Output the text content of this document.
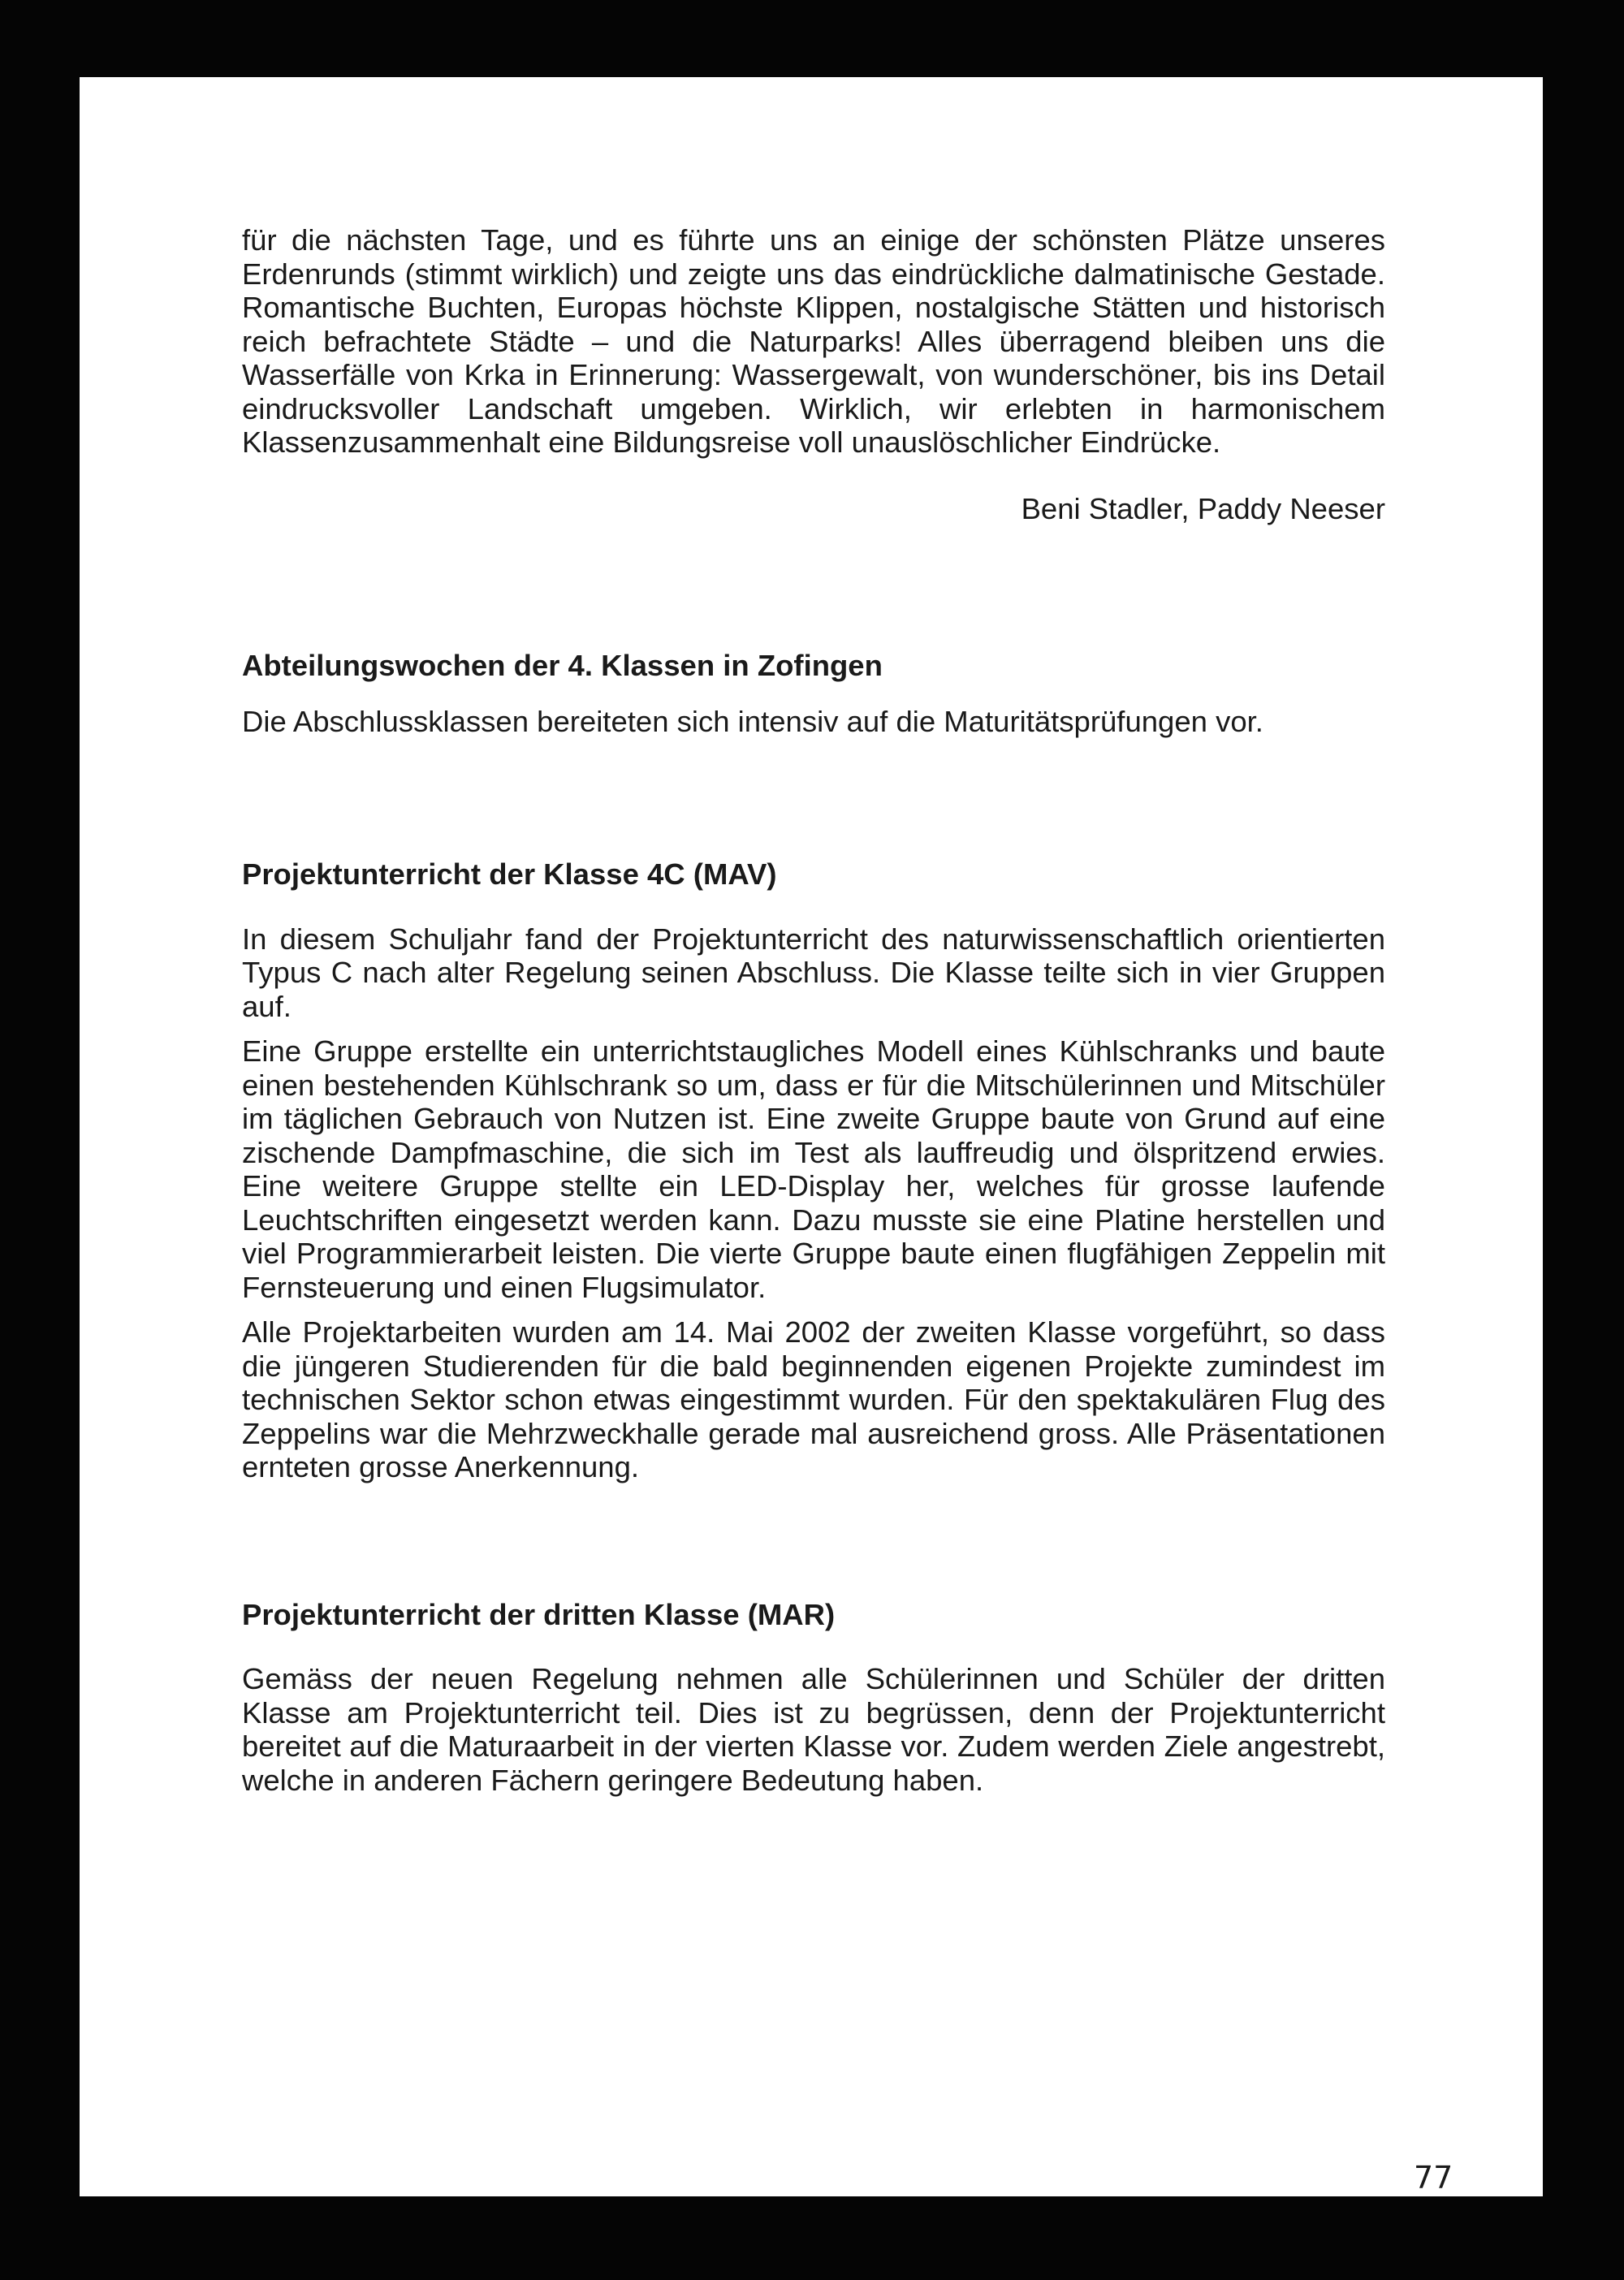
für die nächsten Tage, und es führte uns an einige der schönsten Plätze unseres Erdenrunds (stimmt wirklich) und zeigte uns das eindrückliche dalmatinische Gestade. Romantische Buchten, Europas höchste Klippen, nostalgische Stätten und historisch reich befrachtete Städte – und die Naturparks! Alles überragend bleiben uns die Wasserfälle von Krka in Erinnerung: Wassergewalt, von wunderschöner, bis ins Detail eindrucksvoller Landschaft umgeben. Wirklich, wir erlebten in harmonischem Klassenzusammenhalt eine Bildungsreise voll unauslöschlicher Eindrücke.

Beni Stadler, Paddy Neeser
Abteilungswochen der 4. Klassen in Zofingen

Die Abschlussklassen bereiteten sich intensiv auf die Maturitätsprüfungen vor.

Projektunterricht der Klasse 4C (MAV)

In diesem Schuljahr fand der Projektunterricht des naturwissenschaftlich orientierten Typus C nach alter Regelung seinen Abschluss. Die Klasse teilte sich in vier Gruppen auf.

Eine Gruppe erstellte ein unterrichtstaugliches Modell eines Kühlschranks und baute einen bestehenden Kühlschrank so um, dass er für die Mitschülerinnen und Mitschüler im täglichen Gebrauch von Nutzen ist. Eine zweite Gruppe baute von Grund auf eine zischende Dampfmaschine, die sich im Test als lauffreudig und ölspritzend erwies. Eine weitere Gruppe stellte ein LED-Display her, welches für grosse laufende Leuchtschriften eingesetzt werden kann. Dazu musste sie eine Platine herstellen und viel Programmierarbeit leisten. Die vierte Gruppe baute einen flugfähigen Zeppelin mit Fernsteuerung und einen Flugsimulator.

Alle Projektarbeiten wurden am 14. Mai 2002 der zweiten Klasse vorgeführt, so dass die jüngeren Studierenden für die bald beginnenden eigenen Projekte zumindest im technischen Sektor schon etwas eingestimmt wurden. Für den spektakulären Flug des Zeppelins war die Mehrzweckhalle gerade mal ausreichend gross. Alle Präsentationen ernteten grosse Anerkennung.

Projektunterricht der dritten Klasse (MAR)

Gemäss der neuen Regelung nehmen alle Schülerinnen und Schüler der dritten Klasse am Projektunterricht teil. Dies ist zu begrüssen, denn der Projektunterricht bereitet auf die Maturaarbeit in der vierten Klasse vor. Zudem werden Ziele angestrebt, welche in anderen Fächern geringere Bedeutung haben.

77
